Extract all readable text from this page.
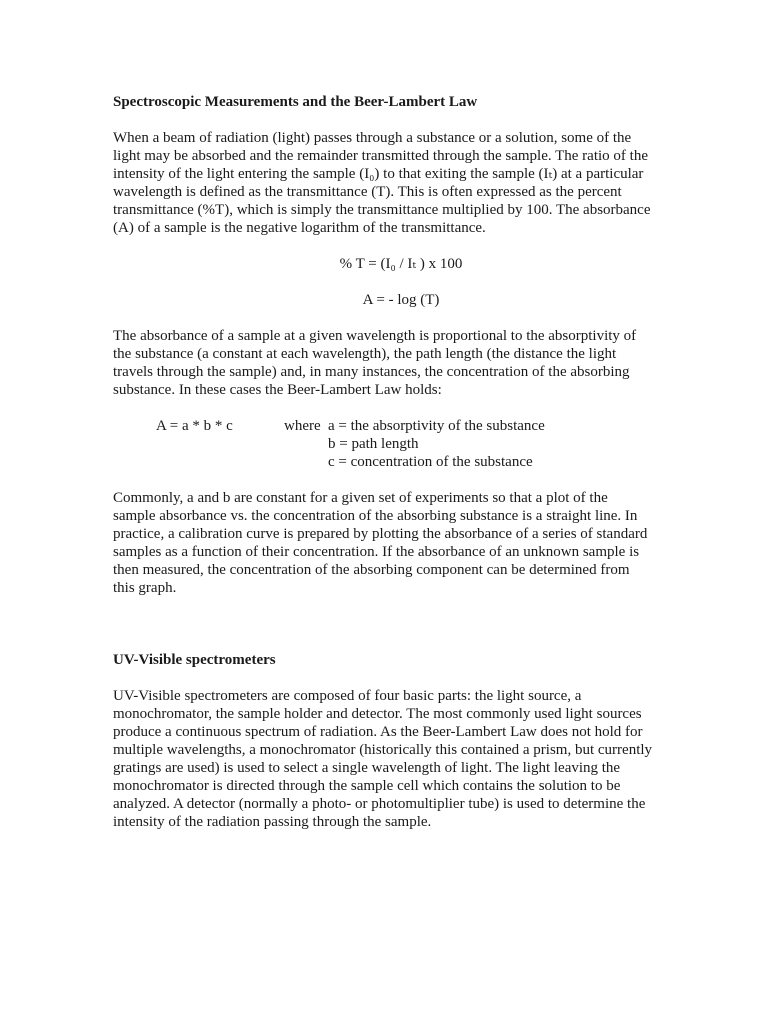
Spectroscopic Measurements and the Beer-Lambert Law

When a beam of radiation (light) passes through a substance or a solution, some of the
light may be absorbed and the remainder transmitted through the sample. The ratio of the
intensity of the light entering the sample (I₀) to that exiting the sample (Iₜ) at a particular
wavelength is defined as the transmittance (T). This is often expressed as the percent
transmittance (%T), which is simply the transmittance multiplied by 100. The absorbance
(A) of a sample is the negative logarithm of the transmittance.

% T = (I₀ / Iₜ ) x 100

A = - log (T)

The absorbance of a sample at a given wavelength is proportional to the absorptivity of
the substance (a constant at each wavelength), the path length (the distance the light
travels through the sample) and, in many instances, the concentration of the absorbing
substance. In these cases the Beer-Lambert Law holds:

A = a * b * c	where a = the absorptivity of the substance
b = path length
c = concentration of the substance

Commonly, a and b are constant for a given set of experiments so that a plot of the
sample absorbance vs. the concentration of the absorbing substance is a straight line. In
practice, a calibration curve is prepared by plotting the absorbance of a series of standard
samples as a function of their concentration. If the absorbance of an unknown sample is
then measured, the concentration of the absorbing component can be determined from
this graph.

UV-Visible spectrometers

UV-Visible spectrometers are composed of four basic parts: the light source, a
monochromator, the sample holder and detector. The most commonly used light sources
produce a continuous spectrum of radiation. As the Beer-Lambert Law does not hold for
multiple wavelengths, a monochromator (historically this contained a prism, but currently
gratings are used) is used to select a single wavelength of light. The light leaving the
monochromator is directed through the sample cell which contains the solution to be
analyzed. A detector (normally a photo- or photomultiplier tube) is used to determine the
intensity of the radiation passing through the sample.
